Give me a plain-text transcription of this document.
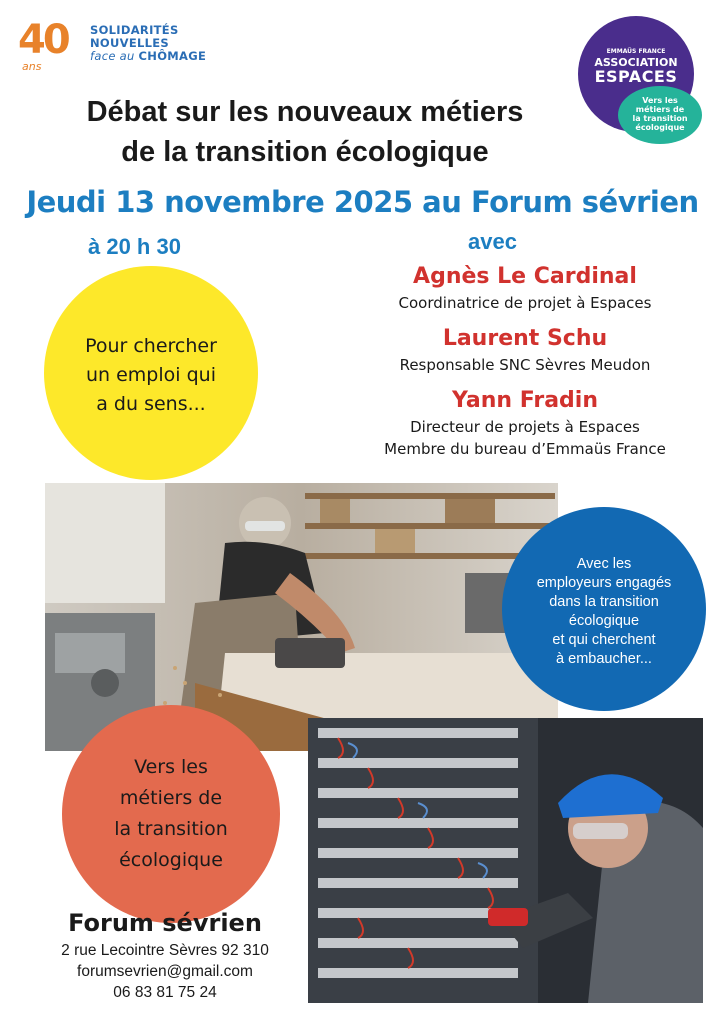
40
ans
SOLIDARITÉS
NOUVELLES
face au CHÔMAGE	EMMAÜS FRANCE
ASSOCIATION
ESPACES
Vers les
métiers de
la transition
écologique
Débat sur les nouveaux métiers
de la transition écologique
Jeudi 13 novembre 2025 au Forum sévrien
à 20 h 30	avec
Agnès Le Cardinal
Coordinatrice de projet à Espaces
Laurent Schu
Responsable SNC Sèvres Meudon
Yann Fradin
Directeur de projets à Espaces
Membre du bureau d’Emmaüs France
Pour chercher
un emploi qui
a du sens...
Avec les
employeurs engagés
dans la transition
écologique
et qui cherchent
à embaucher...
Vers les
métiers de
la transition
écologique
Forum sévrien
2 rue Lecointre Sèvres 92 310
forumsevrien@gmail.com
06 83 81 75 24
